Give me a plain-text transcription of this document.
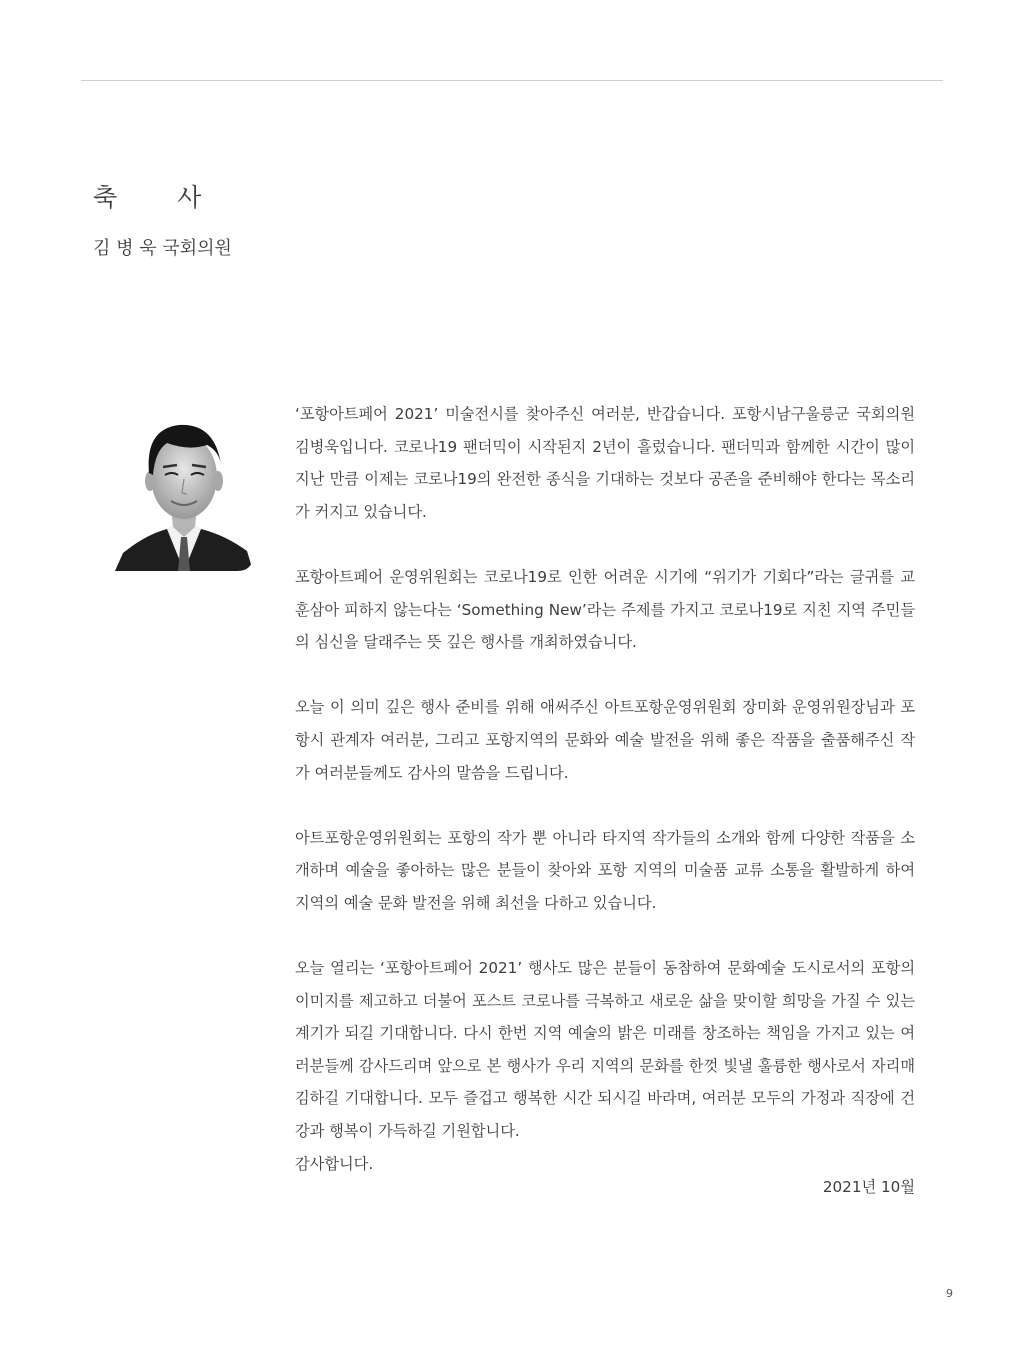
축 사
김 병 욱 국회의원

‘포항아트페어 2021’ 미술전시를 찾아주신 여러분, 반갑습니다. 포항시남구울릉군 국회의원 김병욱입니다. 코로나19 팬더믹이 시작된지 2년이 흘렀습니다. 팬더믹과 함께한 시간이 많이 지난 만큼 이제는 코로나19의 완전한 종식을 기대하는 것보다 공존을 준비해야 한다는 목소리가 커지고 있습니다.

포항아트페어 운영위원회는 코로나19로 인한 어려운 시기에 “위기가 기회다”라는 글귀를 교훈삼아 피하지 않는다는 ‘Something New’라는 주제를 가지고 코로나19로 지친 지역 주민들의 심신을 달래주는 뜻 깊은 행사를 개최하였습니다.

오늘 이 의미 깊은 행사 준비를 위해 애써주신 아트포항운영위원회 장미화 운영위원장님과 포항시 관계자 여러분, 그리고 포항지역의 문화와 예술 발전을 위해 좋은 작품을 출품해주신 작가 여러분들께도 감사의 말씀을 드립니다.

아트포항운영위원회는 포항의 작가 뿐 아니라 타지역 작가들의 소개와 함께 다양한 작품을 소개하며 예술을 좋아하는 많은 분들이 찾아와 포항 지역의 미술품 교류 소통을 활발하게 하여 지역의 예술 문화 발전을 위해 최선을 다하고 있습니다.

오늘 열리는 ‘포항아트페어 2021’ 행사도 많은 분들이 동참하여 문화예술 도시로서의 포항의 이미지를 제고하고 더불어 포스트 코로나를 극복하고 새로운 삶을 맞이할 희망을 가질 수 있는 계기가 되길 기대합니다. 다시 한번 지역 예술의 밝은 미래를 창조하는 책임을 가지고 있는 여러분들께 감사드리며 앞으로 본 행사가 우리 지역의 문화를 한껏 빛낼 훌륭한 행사로서 자리매김하길 기대합니다. 모두 즐겁고 행복한 시간 되시길 바라며, 여러분 모두의 가정과 직장에 건강과 행복이 가득하길 기원합니다.

감사합니다.

2021년 10월
9
